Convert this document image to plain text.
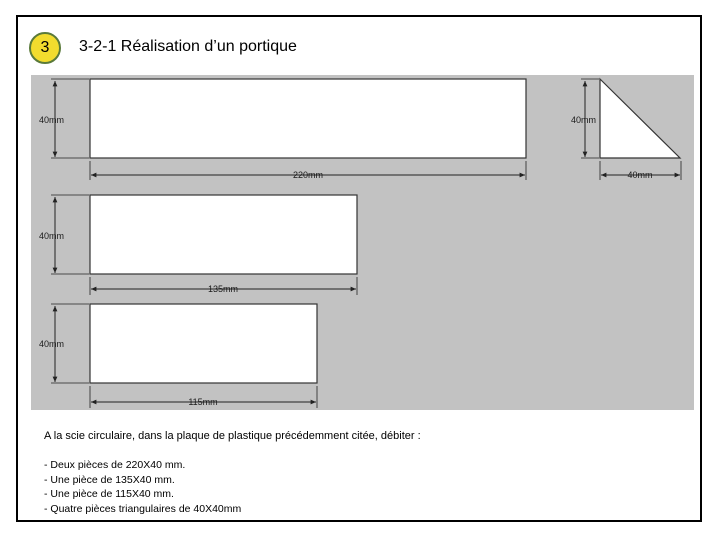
3 3-2-1 Réalisation d’un portique
40mm
220mm
40mm
40mm
40mm
135mm
40mm
115mm
A la scie circulaire, dans la plaque de plastique précédemment citée, débiter :
- Deux pièces de 220X40 mm.
- Une pièce de 135X40 mm.
- Une pièce de 115X40 mm.
- Quatre pièces triangulaires de 40X40mm
